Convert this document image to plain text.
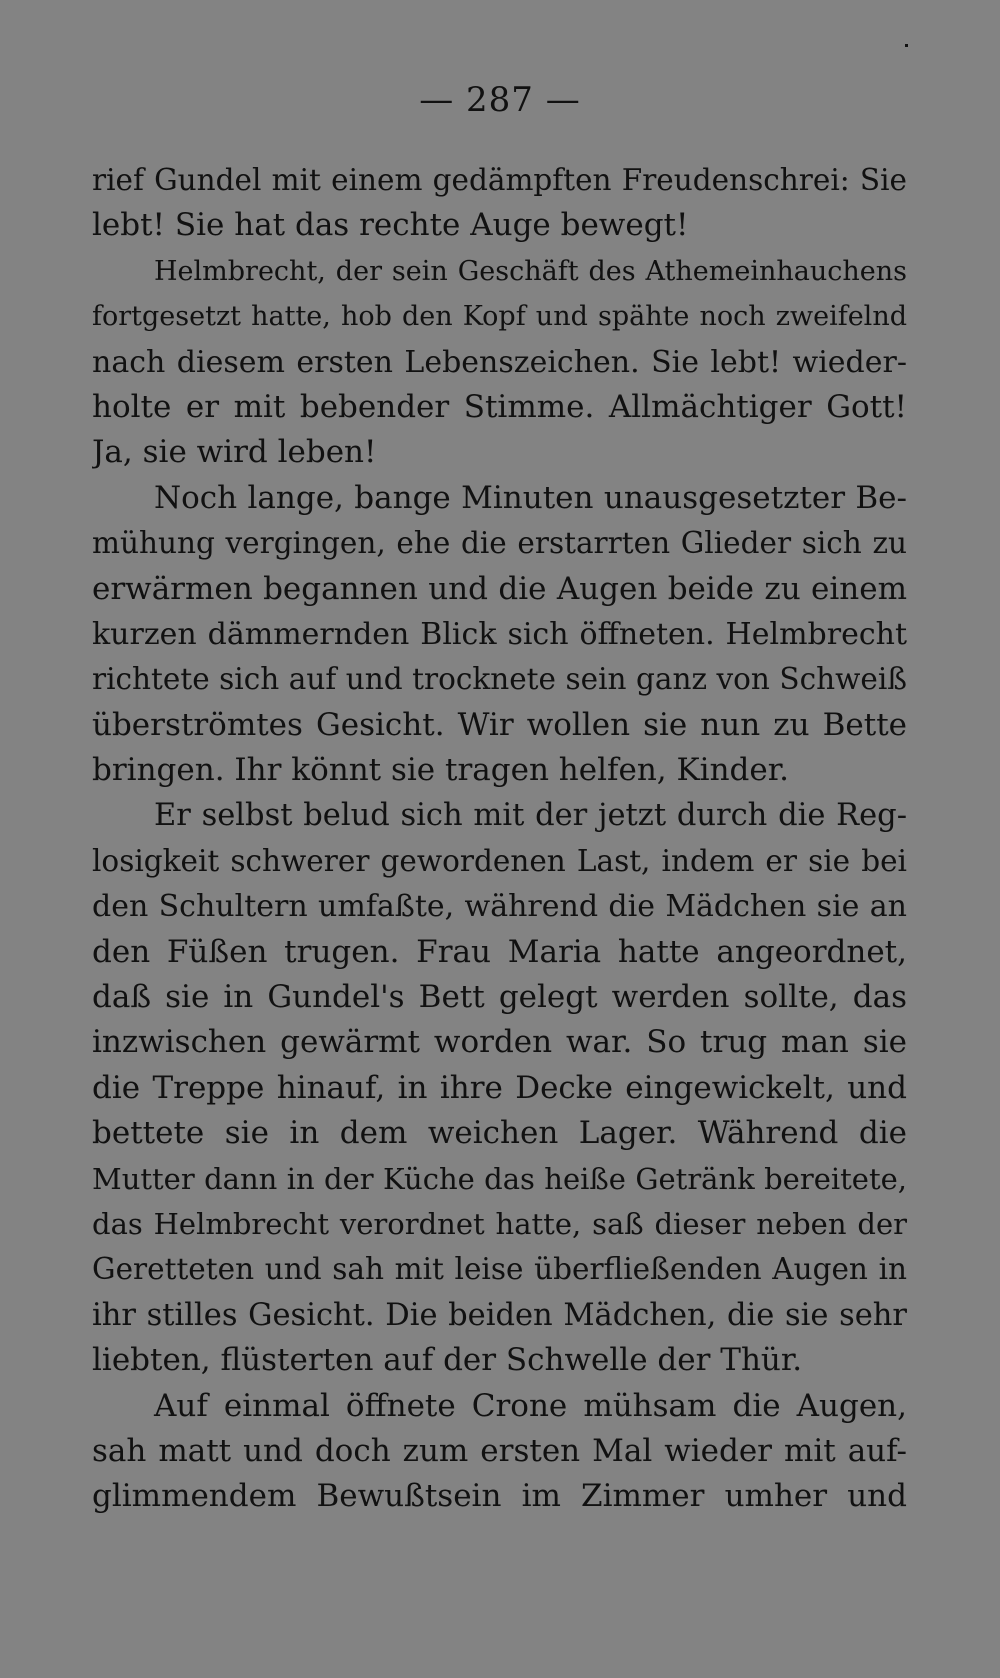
— 287 —
rief Gundel mit einem gedämpften Freudenschrei: Sie
lebt! Sie hat das rechte Auge bewegt!
Helmbrecht, der sein Geschäft des Athemeinhauchens
fortgesetzt hatte, hob den Kopf und spähte noch zweifelnd
nach diesem ersten Lebenszeichen. Sie lebt! wieder-
holte er mit bebender Stimme. Allmächtiger Gott!
Ja, sie wird leben!
Noch lange, bange Minuten unausgesetzter Be-
mühung vergingen, ehe die erstarrten Glieder sich zu
erwärmen begannen und die Augen beide zu einem
kurzen dämmernden Blick sich öffneten. Helmbrecht
richtete sich auf und trocknete sein ganz von Schweiß
überströmtes Gesicht. Wir wollen sie nun zu Bette
bringen. Ihr könnt sie tragen helfen, Kinder.
Er selbst belud sich mit der jetzt durch die Reg-
losigkeit schwerer gewordenen Last, indem er sie bei
den Schultern umfaßte, während die Mädchen sie an
den Füßen trugen. Frau Maria hatte angeordnet,
daß sie in Gundel's Bett gelegt werden sollte, das
inzwischen gewärmt worden war. So trug man sie
die Treppe hinauf, in ihre Decke eingewickelt, und
bettete sie in dem weichen Lager. Während die
Mutter dann in der Küche das heiße Getränk bereitete,
das Helmbrecht verordnet hatte, saß dieser neben der
Geretteten und sah mit leise überfließenden Augen in
ihr stilles Gesicht. Die beiden Mädchen, die sie sehr
liebten, flüsterten auf der Schwelle der Thür.
Auf einmal öffnete Crone mühsam die Augen,
sah matt und doch zum ersten Mal wieder mit auf-
glimmendem Bewußtsein im Zimmer umher und
